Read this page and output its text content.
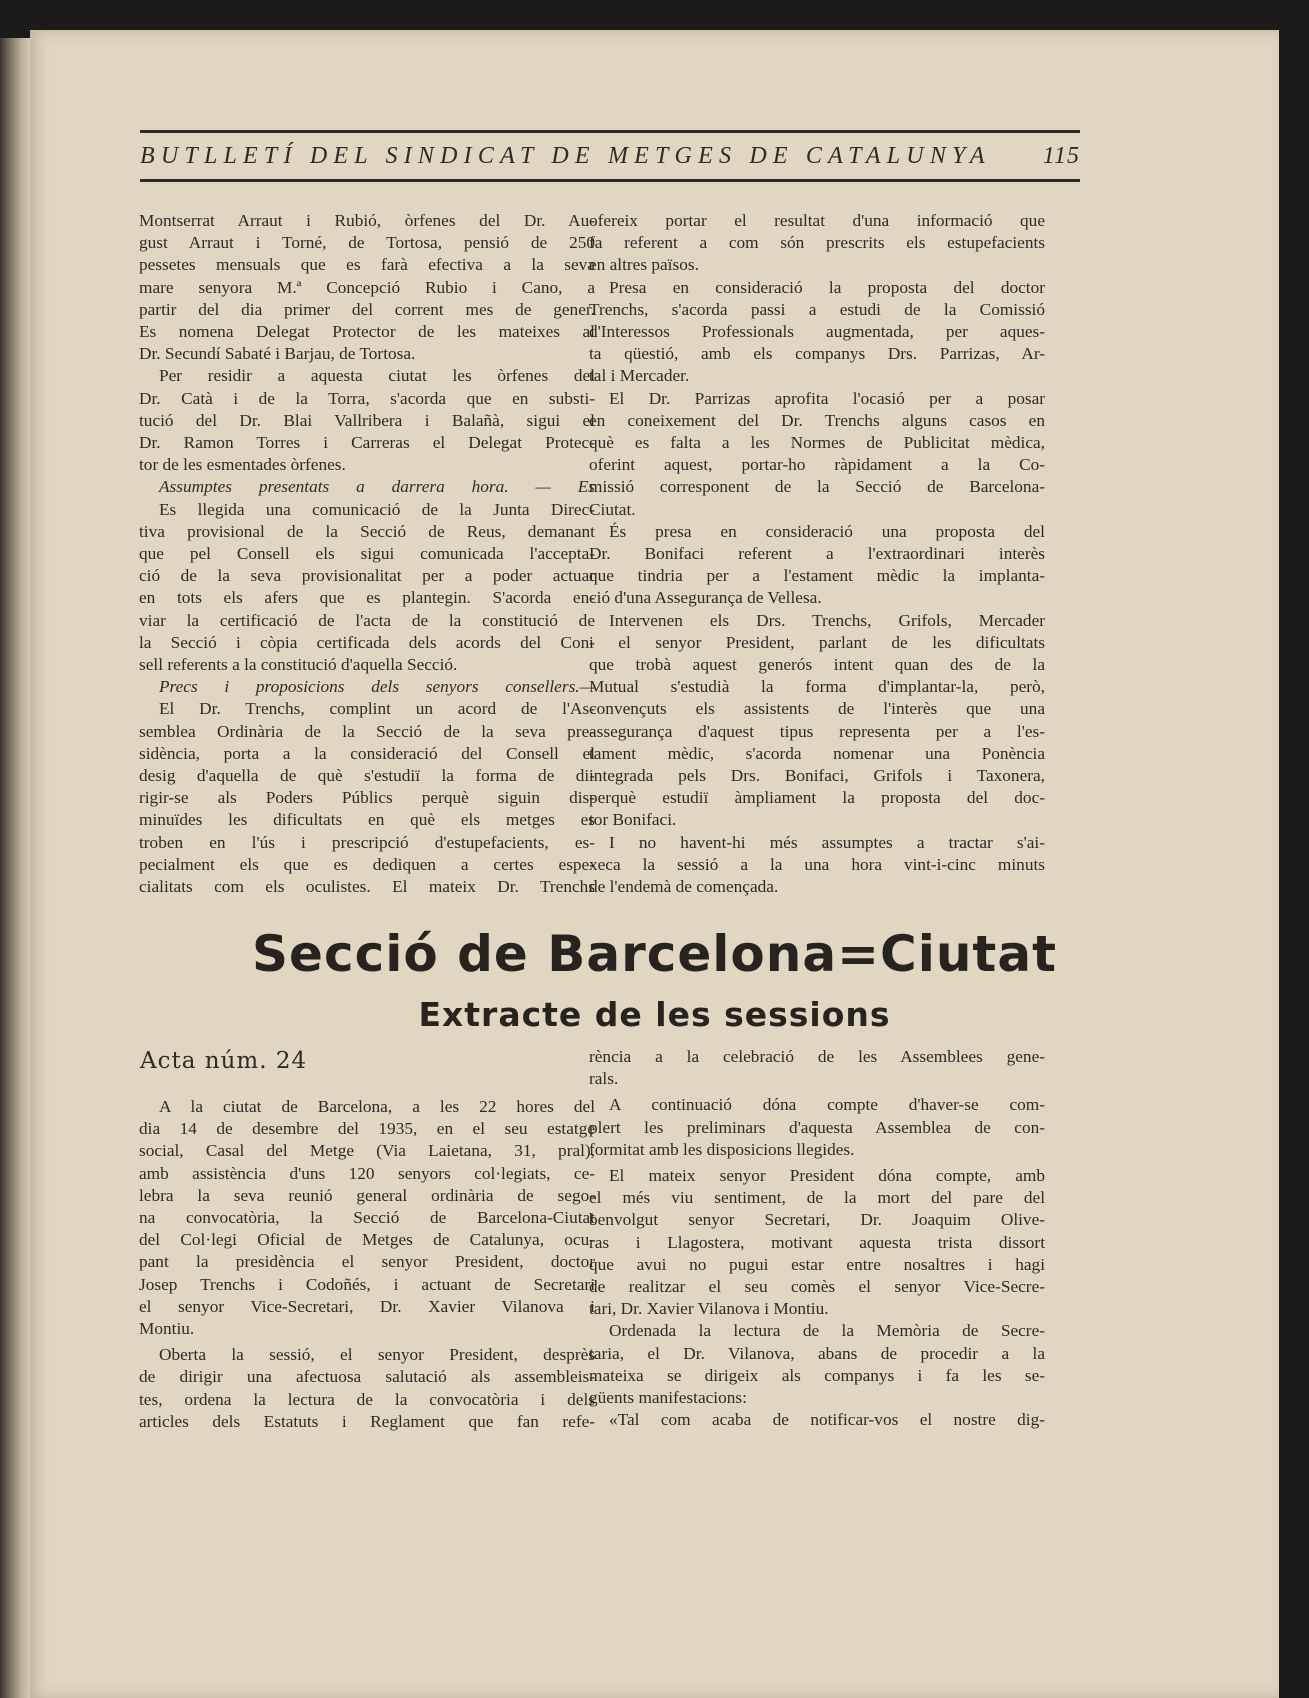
BUTLLETÍ DEL SINDICAT DE METGES DE CATALUNYA 115

Montserrat Arraut i Rubió, òrfenes del Dr. Au-

gust Arraut i Torné, de Tortosa, pensió de 250

pessetes mensuals que es farà efectiva a la seva

mare senyora M.ª Concepció Rubio i Cano, a

partir del dia primer del corrent mes de gener.

Es nomena Delegat Protector de les mateixes al

Dr. Secundí Sabaté i Barjau, de Tortosa.

Per residir a aquesta ciutat les òrfenes del

Dr. Catà i de la Torra, s'acorda que en substi-

tució del Dr. Blai Vallribera i Balañà, sigui el

Dr. Ramon Torres i Carreras el Delegat Protec-

tor de les esmentades òrfenes.

Assumptes presentats a darrera hora. — Es

Es llegida una comunicació de la Junta Direc-

tiva provisional de la Secció de Reus, demanant

que pel Consell els sigui comunicada l'accepta-

ció de la seva provisionalitat per a poder actuar

en tots els afers que es plantegin. S'acorda en-

viar la certificació de l'acta de la constitució de

la Secció i còpia certificada dels acords del Con-

sell referents a la constitució d'aquella Secció.

Precs i proposicions dels senyors consellers.—

El Dr. Trenchs, complint un acord de l'As-

semblea Ordinària de la Secció de la seva pre-

sidència, porta a la consideració del Consell el

desig d'aquella de què s'estudiï la forma de di-

rigir-se als Poders Públics perquè siguin dis-

minuïdes les dificultats en què els metges es

troben en l'ús i prescripció d'estupefacients, es-

pecialment els que es dediquen a certes espe-

cialitats com els oculistes. El mateix Dr. Trenchs

ofereix portar el resultat d'una informació que

fa referent a com són prescrits els estupefacients

en altres països.

Presa en consideració la proposta del doctor

Trenchs, s'acorda passi a estudi de la Comissió

d'Interessos Professionals augmentada, per aques-

ta qüestió, amb els companys Drs. Parrizas, Ar-

tal i Mercader.

El Dr. Parrizas aprofita l'ocasió per a posar

en coneixement del Dr. Trenchs alguns casos en

què es falta a les Normes de Publicitat mèdica,

oferint aquest, portar-ho ràpidament a la Co-

missió corresponent de la Secció de Barcelona-

Ciutat.

És presa en consideració una proposta del

Dr. Bonifaci referent a l'extraordinari interès

que tindria per a l'estament mèdic la implanta-

ció d'una Assegurança de Vellesa.

Intervenen els Drs. Trenchs, Grifols, Mercader

i el senyor President, parlant de les dificultats

que trobà aquest generós intent quan des de la

Mutual s'estudià la forma d'implantar-la, però,

convençuts els assistents de l'interès que una

assegurança d'aquest tipus representa per a l'es-

tament mèdic, s'acorda nomenar una Ponència

integrada pels Drs. Bonifaci, Grifols i Taxonera,

perquè estudiï àmpliament la proposta del doc-

tor Bonifaci.

I no havent-hi més assumptes a tractar s'ai-

xeca la sessió a la una hora vint-i-cinc minuts

de l'endemà de començada.

Secció de Barcelona=Ciutat
Extracte de les sessions
Acta núm. 24

A la ciutat de Barcelona, a les 22 hores del

dia 14 de desembre del 1935, en el seu estatge

social, Casal del Metge (Via Laietana, 31, pral),

amb assistència d'uns 120 senyors col·legiats, ce-

lebra la seva reunió general ordinària de sego-

na convocatòria, la Secció de Barcelona-Ciutat

del Col·legi Oficial de Metges de Catalunya, ocu-

pant la presidència el senyor President, doctor

Josep Trenchs i Codoñés, i actuant de Secretari

el senyor Vice-Secretari, Dr. Xavier Vilanova i

Montiu.

Oberta la sessió, el senyor President, desprès

de dirigir una afectuosa salutació als assembleis-

tes, ordena la lectura de la convocatòria i dels

articles dels Estatuts i Reglament que fan refe-

rència a la celebració de les Assemblees gene-

rals.

A continuació dóna compte d'haver-se com-

plert les preliminars d'aquesta Assemblea de con-

formitat amb les disposicions llegides.

El mateix senyor President dóna compte, amb

el més viu sentiment, de la mort del pare del

benvolgut senyor Secretari, Dr. Joaquim Olive-

ras i Llagostera, motivant aquesta trista dissort

que avui no pugui estar entre nosaltres i hagi

de realitzar el seu comès el senyor Vice-Secre-

tari, Dr. Xavier Vilanova i Montiu.

Ordenada la lectura de la Memòria de Secre-

taria, el Dr. Vilanova, abans de procedir a la

mateixa se dirigeix als companys i fa les se-

güents manifestacions:

«Tal com acaba de notificar-vos el nostre dig-
